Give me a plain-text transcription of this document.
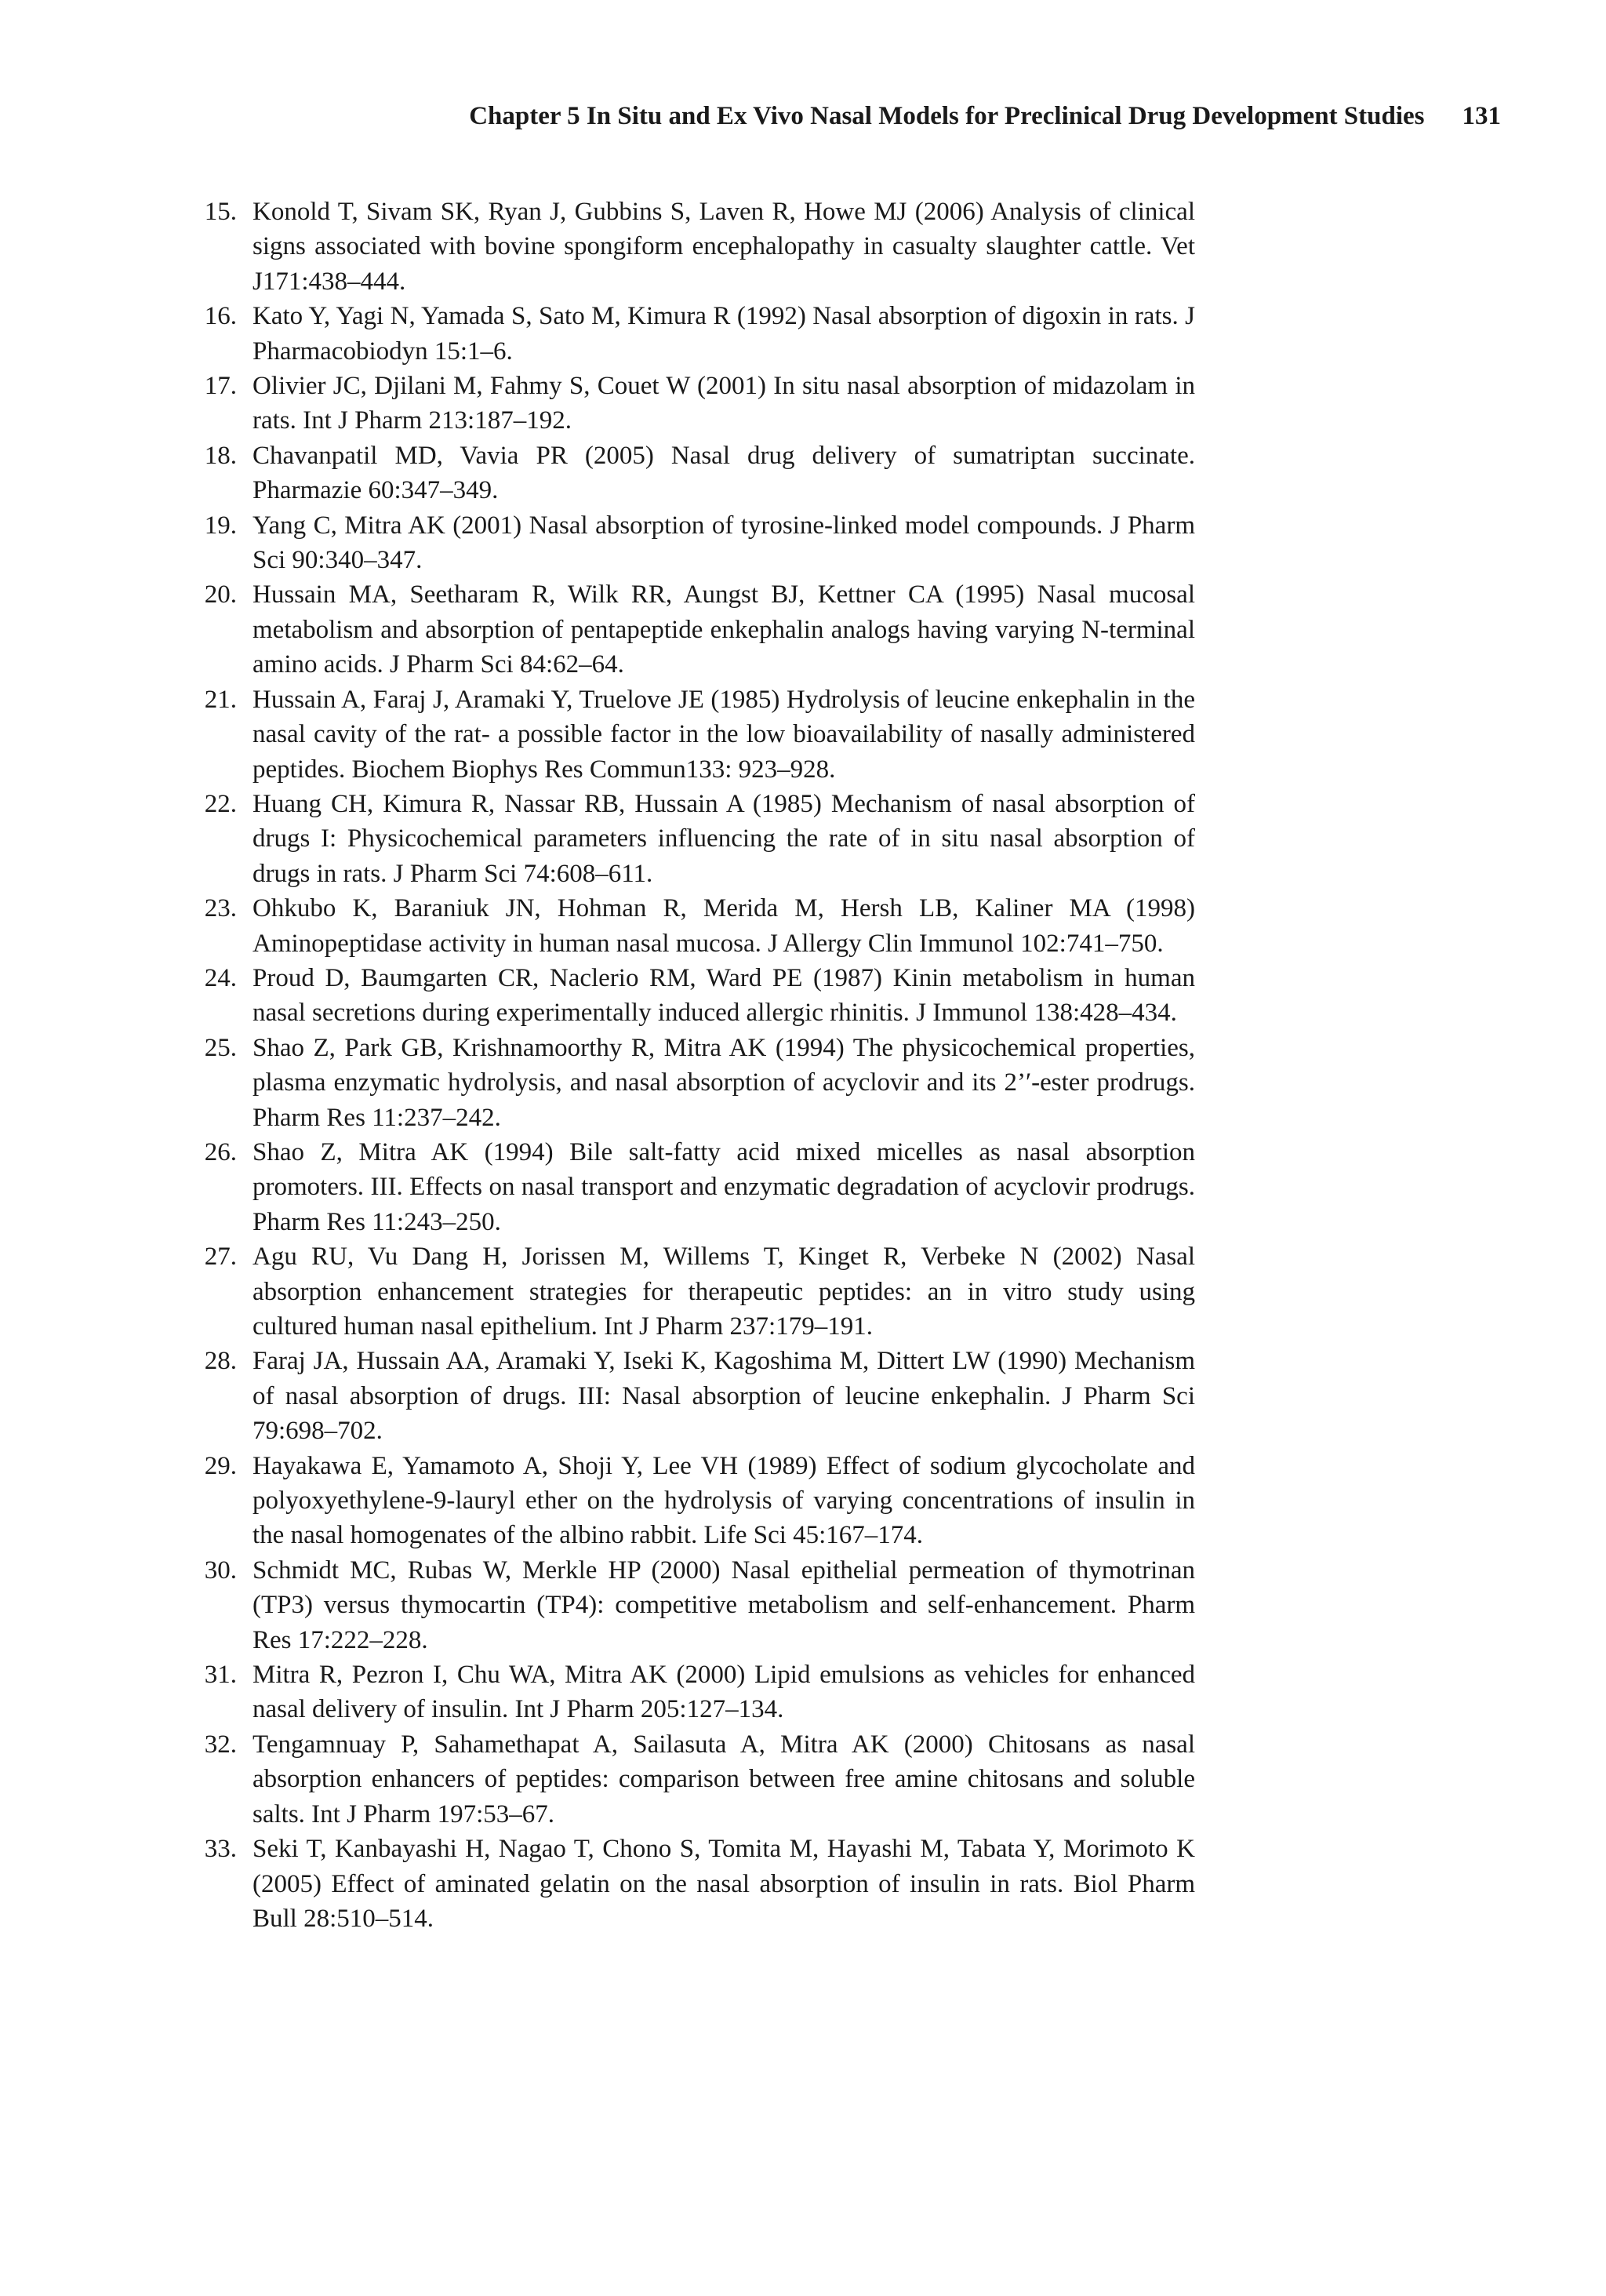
Chapter 5 In Situ and Ex Vivo Nasal Models for Preclinical Drug Development Studies 131
15. Konold T, Sivam SK, Ryan J, Gubbins S, Laven R, Howe MJ (2006) Analysis of clinical signs associated with bovine spongiform encephalopathy in casualty slaughter cattle. Vet J171:438–444.
16. Kato Y, Yagi N, Yamada S, Sato M, Kimura R (1992) Nasal absorption of digoxin in rats. J Pharmacobiodyn 15:1–6.
17. Olivier JC, Djilani M, Fahmy S, Couet W (2001) In situ nasal absorption of midazolam in rats. Int J Pharm 213:187–192.
18. Chavanpatil MD, Vavia PR (2005) Nasal drug delivery of sumatriptan succinate. Pharmazie 60:347–349.
19. Yang C, Mitra AK (2001) Nasal absorption of tyrosine-linked model compounds. J Pharm Sci 90:340–347.
20. Hussain MA, Seetharam R, Wilk RR, Aungst BJ, Kettner CA (1995) Nasal mucosal metabolism and absorption of pentapeptide enkephalin analogs having varying N-terminal amino acids. J Pharm Sci 84:62–64.
21. Hussain A, Faraj J, Aramaki Y, Truelove JE (1985) Hydrolysis of leucine enkephalin in the nasal cavity of the rat- a possible factor in the low bioavailability of nasally administered peptides. Biochem Biophys Res Commun133: 923–928.
22. Huang CH, Kimura R, Nassar RB, Hussain A (1985) Mechanism of nasal absorption of drugs I: Physicochemical parameters influencing the rate of in situ nasal absorption of drugs in rats. J Pharm Sci 74:608–611.
23. Ohkubo K, Baraniuk JN, Hohman R, Merida M, Hersh LB, Kaliner MA (1998) Aminopeptidase activity in human nasal mucosa. J Allergy Clin Immunol 102:741–750.
24. Proud D, Baumgarten CR, Naclerio RM, Ward PE (1987) Kinin metabolism in human nasal secretions during experimentally induced allergic rhinitis. J Immunol 138:428–434.
25. Shao Z, Park GB, Krishnamoorthy R, Mitra AK (1994) The physicochemical properties, plasma enzymatic hydrolysis, and nasal absorption of acyclovir and its 2’′-ester prodrugs. Pharm Res 11:237–242.
26. Shao Z, Mitra AK (1994) Bile salt-fatty acid mixed micelles as nasal absorption promoters. III. Effects on nasal transport and enzymatic degradation of acyclovir prodrugs. Pharm Res 11:243–250.
27. Agu RU, Vu Dang H, Jorissen M, Willems T, Kinget R, Verbeke N (2002) Nasal absorption enhancement strategies for therapeutic peptides: an in vitro study using cultured human nasal epithelium. Int J Pharm 237:179–191.
28. Faraj JA, Hussain AA, Aramaki Y, Iseki K, Kagoshima M, Dittert LW (1990) Mechanism of nasal absorption of drugs. III: Nasal absorption of leucine enkephalin. J Pharm Sci 79:698–702.
29. Hayakawa E, Yamamoto A, Shoji Y, Lee VH (1989) Effect of sodium glycocholate and polyoxyethylene-9-lauryl ether on the hydrolysis of varying concentrations of insulin in the nasal homogenates of the albino rabbit. Life Sci 45:167–174.
30. Schmidt MC, Rubas W, Merkle HP (2000) Nasal epithelial permeation of thymotrinan (TP3) versus thymocartin (TP4): competitive metabolism and self-enhancement. Pharm Res 17:222–228.
31. Mitra R, Pezron I, Chu WA, Mitra AK (2000) Lipid emulsions as vehicles for enhanced nasal delivery of insulin. Int J Pharm 205:127–134.
32. Tengamnuay P, Sahamethapat A, Sailasuta A, Mitra AK (2000) Chitosans as nasal absorption enhancers of peptides: comparison between free amine chitosans and soluble salts. Int J Pharm 197:53–67.
33. Seki T, Kanbayashi H, Nagao T, Chono S, Tomita M, Hayashi M, Tabata Y, Morimoto K (2005) Effect of aminated gelatin on the nasal absorption of insulin in rats. Biol Pharm Bull 28:510–514.
